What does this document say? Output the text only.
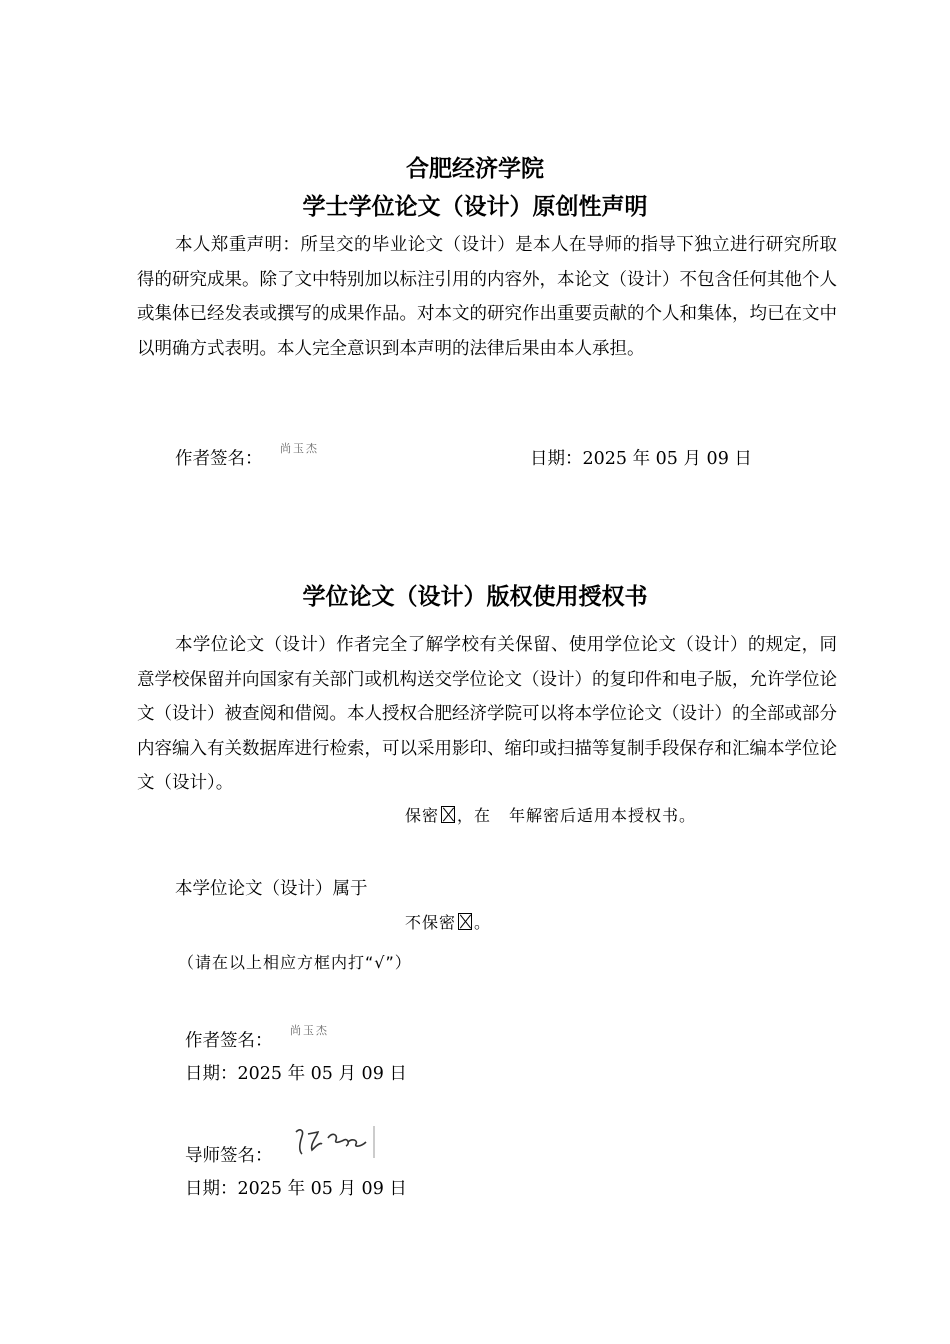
合肥经济学院
学士学位论文（设计）原创性声明
本人郑重声明：所呈交的毕业论文（设计）是本人在导师的指导下独立进行研究所取得的研究成果。除了文中特别加以标注引用的内容外，本论文（设计）不包含任何其他个人或集体已经发表或撰写的成果作品。对本文的研究作出重要贡献的个人和集体，均已在文中以明确方式表明。本人完全意识到本声明的法律后果由本人承担。
作者签名：
尚玉杰
日期：2025 年 05 月 09 日
学位论文（设计）版权使用授权书
本学位论文（设计）作者完全了解学校有关保留、使用学位论文（设计）的规定，同意学校保留并向国家有关部门或机构送交学位论文（设计）的复印件和电子版，允许学位论文（设计）被查阅和借阅。本人授权合肥经济学院可以将本学位论文（设计）的全部或部分内容编入有关数据库进行检索，可以采用影印、缩印或扫描等复制手段保存和汇编本学位论文（设计）。
保密 ，在 年解密后适用本授权书。
本学位论文（设计）属于
不保密 。
（请在以上相应方框内打“√”）
作者签名：
尚玉杰
日期：2025 年 05 月 09 日
导师签名：
日期：2025 年 05 月 09 日
